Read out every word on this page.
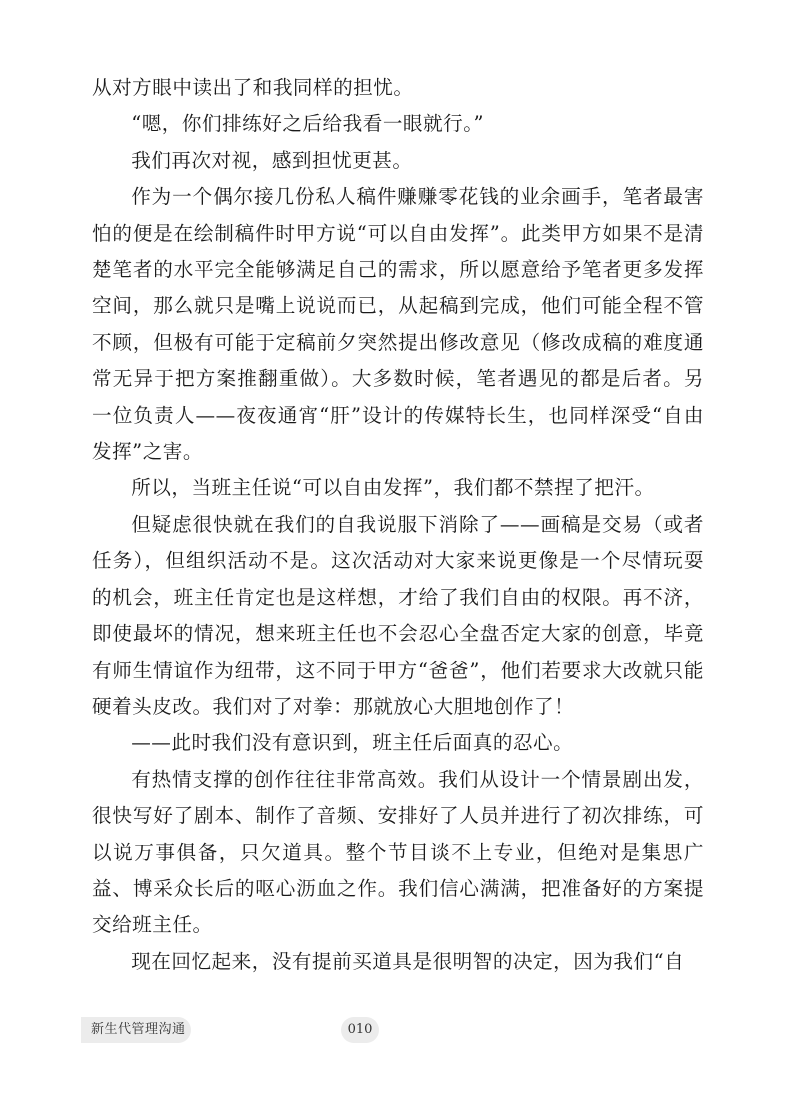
从对方眼中读出了和我同样的担忧。

“嗯，你们排练好之后给我看一眼就行。”

我们再次对视，感到担忧更甚。

作为一个偶尔接几份私人稿件赚赚零花钱的业余画手，笔者最害怕的便是在绘制稿件时甲方说“可以自由发挥”。此类甲方如果不是清楚笔者的水平完全能够满足自己的需求，所以愿意给予笔者更多发挥空间，那么就只是嘴上说说而已，从起稿到完成，他们可能全程不管不顾，但极有可能于定稿前夕突然提出修改意见（修改成稿的难度通常无异于把方案推翻重做）。大多数时候，笔者遇见的都是后者。另一位负责人——夜夜通宵“肝”设计的传媒特长生，也同样深受“自由发挥”之害。

所以，当班主任说“可以自由发挥”，我们都不禁捏了把汗。

但疑虑很快就在我们的自我说服下消除了——画稿是交易（或者任务），但组织活动不是。这次活动对大家来说更像是一个尽情玩耍的机会，班主任肯定也是这样想，才给了我们自由的权限。再不济，即使最坏的情况，想来班主任也不会忍心全盘否定大家的创意，毕竟有师生情谊作为纽带，这不同于甲方“爸爸”，他们若要求大改就只能硬着头皮改。我们对了对拳：那就放心大胆地创作了！

——此时我们没有意识到，班主任后面真的忍心。

有热情支撑的创作往往非常高效。我们从设计一个情景剧出发，很快写好了剧本、制作了音频、安排好了人员并进行了初次排练，可以说万事俱备，只欠道具。整个节目谈不上专业，但绝对是集思广益、博采众长后的呕心沥血之作。我们信心满满，把准备好的方案提交给班主任。

现在回忆起来，没有提前买道具是很明智的决定，因为我们“自

新生代管理沟通	010
